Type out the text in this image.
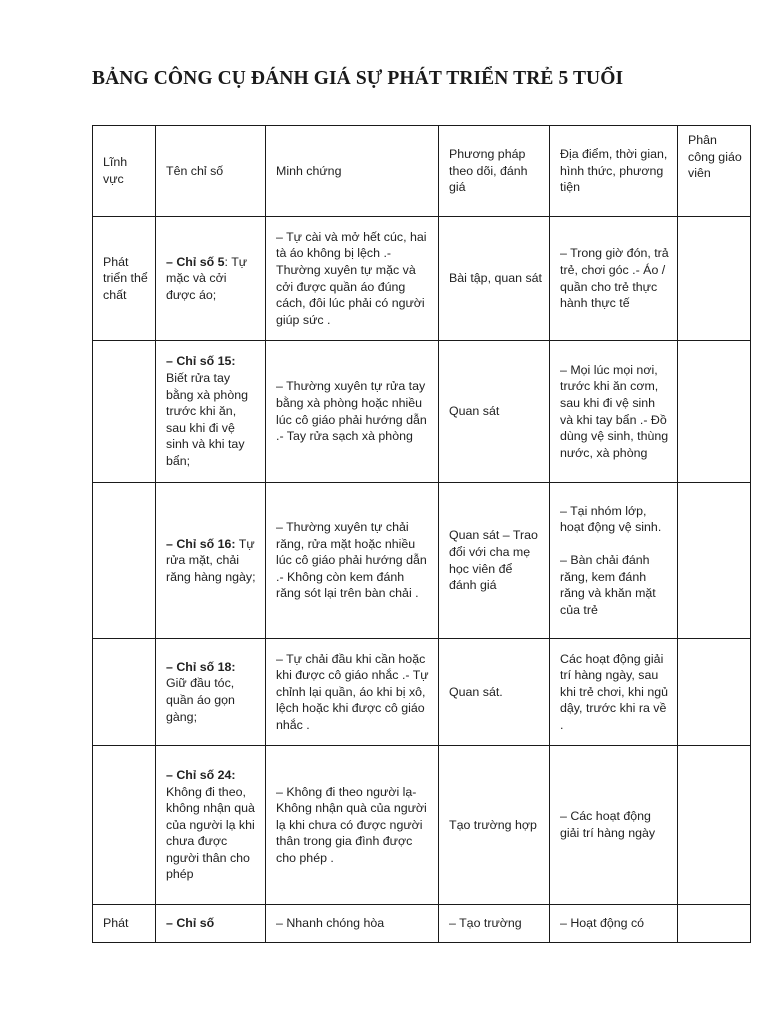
BẢNG CÔNG CỤ ĐÁNH GIÁ SỰ PHÁT TRIỂN TRẺ 5 TUỔI
Lĩnh vực	Tên chỉ số	Minh chứng	Phương pháp theo dõi, đánh giá	Địa điểm, thời gian, hình thức, phương tiện	Phân công giáo viên
Phát triển thể chất	– Chỉ số 5: Tự mặc và cởi được áo;	– Tự cài và mở hết cúc, hai tà áo không bị lệch .- Thường xuyên tự mặc và cởi được quần áo đúng cách, đôi lúc phải có người giúp sức .	Bài tập, quan sát	– Trong giờ đón, trả trẻ, chơi góc .- Áo / quần cho trẻ thực hành thực tế	

	– Chỉ số 15: Biết rửa tay bằng xà phòng trước khi ăn, sau khi đi vệ sinh và khi tay bẩn;	– Thường xuyên tự rửa tay bằng xà phòng hoặc nhiều lúc cô giáo phải hướng dẫn .- Tay rửa sạch xà phòng	Quan sát	– Mọi lúc mọi nơi, trước khi ăn cơm, sau khi đi vệ sinh và khi tay bẩn .- Đồ dùng vệ sinh, thùng nước, xà phòng	

	– Chỉ số 16: Tự rửa mặt, chải răng hàng ngày;	– Thường xuyên tự chải răng, rửa mặt hoặc nhiều lúc cô giáo phải hướng dẫn .- Không còn kem đánh răng sót lại trên bàn chải .	Quan sát – Trao đổi với cha mẹ học viên để đánh giá	– Tại nhóm lớp, hoạt động vệ sinh.
– Bàn chải đánh răng, kem đánh răng và khăn mặt của trẻ	

	– Chỉ số 18: Giữ đầu tóc, quần áo gọn gàng;	– Tự chải đầu khi cần hoặc khi được cô giáo nhắc .- Tự chỉnh lại quần, áo khi bị xô, lệch hoặc khi được cô giáo nhắc .	Quan sát.	Các hoạt động giải trí hàng ngày, sau khi trẻ chơi, khi ngủ dậy, trước khi ra về .	

	– Chỉ số 24: Không đi theo, không nhận quà của người lạ khi chưa được người thân cho phép	– Không đi theo người lạ- Không nhận quà của người lạ khi chưa có được người thân trong gia đình được cho phép .	Tạo trường hợp	– Các hoạt động giải trí hàng ngày	

Phát	– Chỉ số	– Nhanh chóng hòa	– Tạo trường	– Hoạt động có	
